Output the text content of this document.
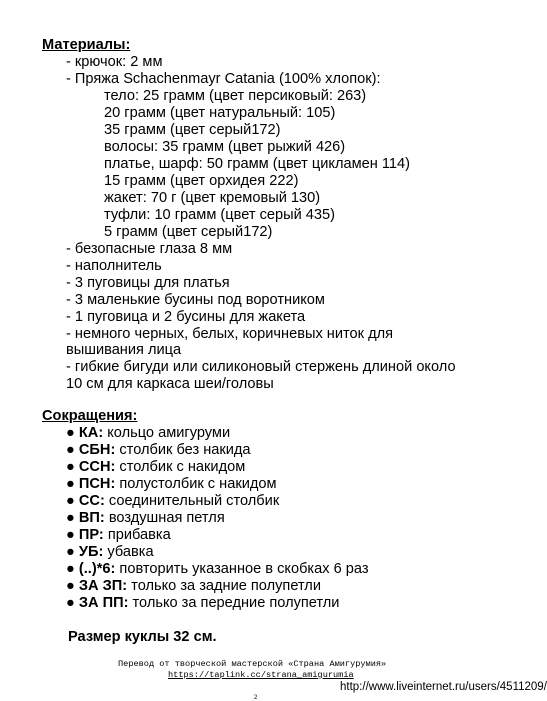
Материалы:
- крючок: 2 мм
- Пряжа Schachenmayr Catania (100% хлопок):
тело: 25 грамм (цвет персиковый: 263)
20 грамм (цвет натуральный: 105)
35 грамм (цвет серый172)
волосы: 35 грамм (цвет рыжий 426)
платье, шарф: 50 грамм (цвет цикламен 114)
15 грамм (цвет орхидея 222)
жакет: 70 г (цвет кремовый 130)
туфли: 10 грамм (цвет серый 435)
5 грамм (цвет серый172)
- безопасные глаза 8 мм
- наполнитель
- 3 пуговицы для платья
- 3 маленькие бусины под воротником
- 1 пуговица и 2 бусины для жакета
- немного черных, белых, коричневых ниток для
вышивания лица
- гибкие бигуди или силиконовый стержень длиной около
10 см для каркаса шеи/головы
Сокращения:
● КА: кольцо амигуруми
● СБН: столбик без накида
● ССН: столбик с накидом
● ПСН: полустолбик с накидом
● СС: соединительный столбик
● ВП: воздушная петля
● ПР: прибавка
● УБ: убавка
● (..)*6: повторить указанное в скобках 6 раз
● ЗА ЗП: только за задние полупетли
● ЗА ПП: только за передние полупетли
Размер куклы 32 см.
Перевод от творческой мастерской «Страна Амигурумия»
https://taplink.cc/strana_amigurumia
2
http://www.liveinternet.ru/users/4511209/
